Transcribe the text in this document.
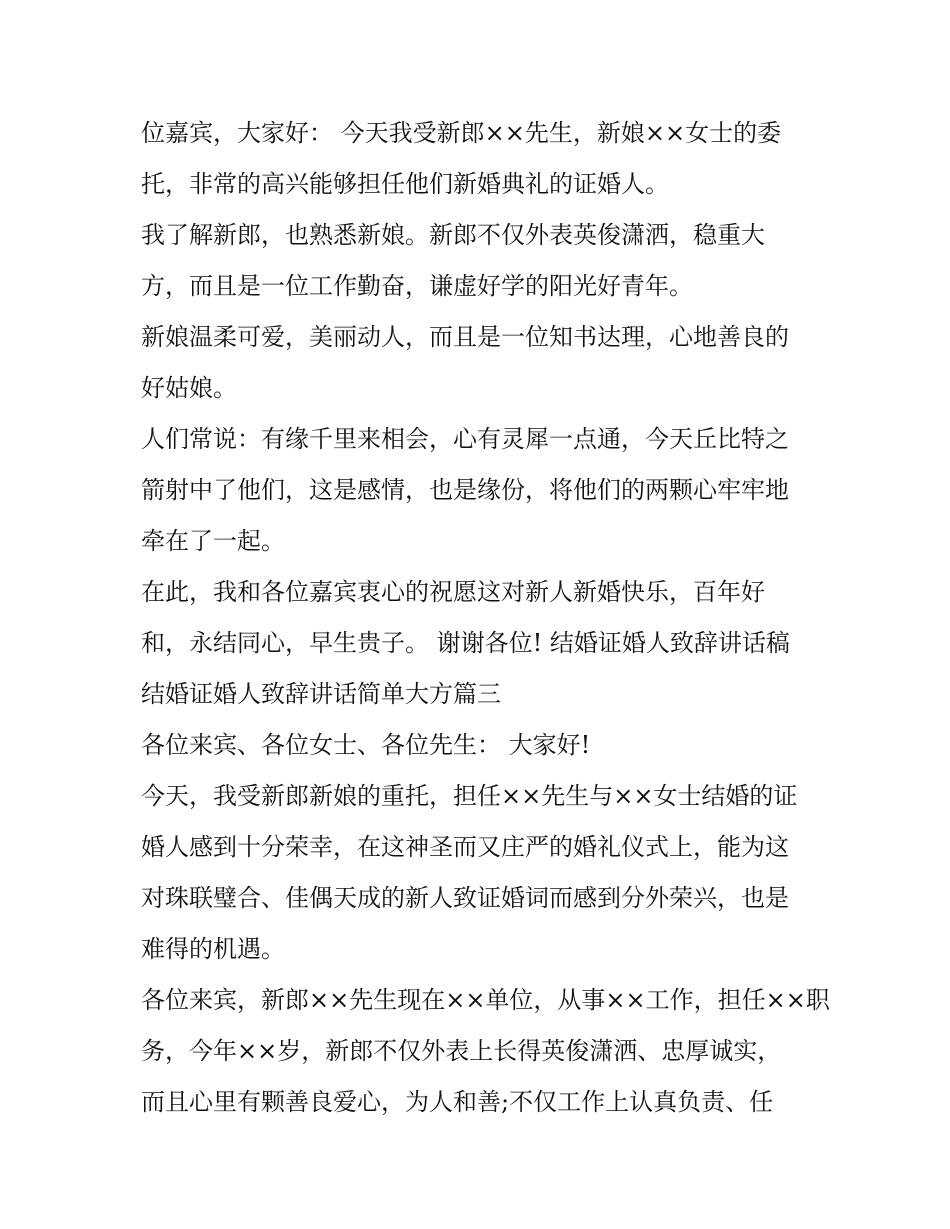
位嘉宾，大家好： 今天我受新郎××先生，新娘××女士的委
托，非常的高兴能够担任他们新婚典礼的证婚人。
我了解新郎，也熟悉新娘。新郎不仅外表英俊潇洒，稳重大
方，而且是一位工作勤奋，谦虚好学的阳光好青年。
新娘温柔可爱，美丽动人，而且是一位知书达理，心地善良的
好姑娘。
人们常说：有缘千里来相会，心有灵犀一点通，今天丘比特之
箭射中了他们，这是感情，也是缘份，将他们的两颗心牢牢地
牵在了一起。
在此，我和各位嘉宾衷心的祝愿这对新人新婚快乐，百年好
和，永结同心，早生贵子。 谢谢各位! 结婚证婚人致辞讲话稿
结婚证婚人致辞讲话简单大方篇三
各位来宾、各位女士、各位先生： 大家好!
今天，我受新郎新娘的重托，担任××先生与××女士结婚的证
婚人感到十分荣幸，在这神圣而又庄严的婚礼仪式上，能为这
对珠联璧合、佳偶天成的新人致证婚词而感到分外荣兴，也是
难得的机遇。
各位来宾，新郎××先生现在××单位，从事××工作，担任××职
务，今年××岁，新郎不仅外表上长得英俊潇洒、忠厚诚实，
而且心里有颗善良爱心，为人和善;不仅工作上认真负责、任
